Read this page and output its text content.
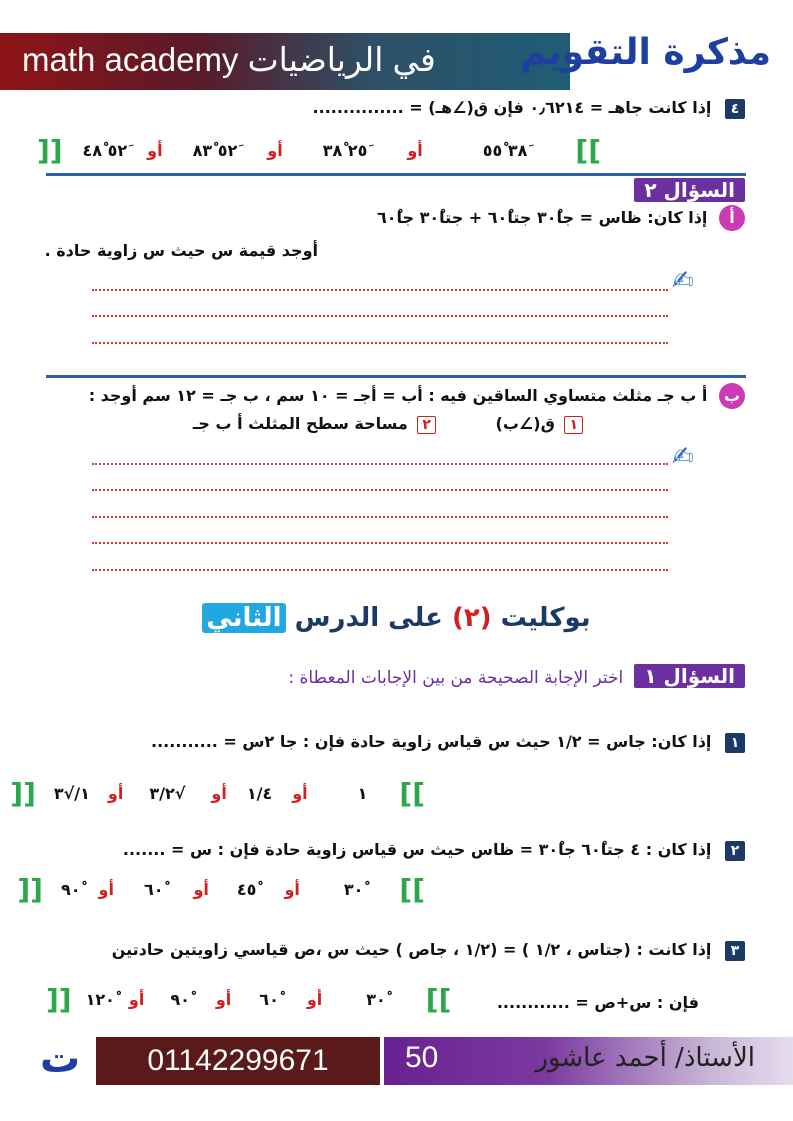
math academy في الرياضيات مذكرة التقويم
٤ إذا كانت جاهـ = ٠٫٦٢١٤ فإن ق(∠هـ) = ...............
]]
٣٨َ ٥٥ْ
أو
٢٥َ ٣٨ْ
أو
٥٢َ ٨٣ْ
أو
٥٢َ ٤٨ْ
[[
السؤال ٢
أ إذا كان: ظاس = جا٣٠ْ جتا٦٠ْ + جتا٣٠ْ جا٦٠ْ
أوجد قيمة س حيث س زاوية حادة .
✍
ب أ ب جـ مثلث متساوي الساقين فيه : أب = أجـ = ١٠ سم ، ب جـ = ١٢ سم أوجد :
١ ق(∠ب) ٢ مساحة سطح المثلث أ ب جـ
✍
بوكليت (٢) على الدرس الثاني
السؤال ١ اختر الإجابة الصحيحة من بين الإجابات المعطاة :
١ إذا كان: جاس = ١/٢ حيث س قياس زاوية حادة فإن : جا ٢س = ...........
]]
١
أو
١/٤
أو
√٣/٢
أو
١/√٣
[[
٢ إذا كان : ٤ جتا٦٠ْ جا٣٠ْ = ظاس حيث س قياس زاوية حادة فإن : س = .......
]]
٣٠ْ
أو
٤٥ْ
أو
٦٠ْ
أو
٩٠ْ
[[
٣ إذا كانت : (جتاس ، ١/٢ ) = (١/٢ ، جاص ) حيث س ،ص قياسي زاويتين حادتين
فإن : س+ص = ............
]]
٣٠ْ
أو
٦٠ْ
أو
٩٠ْ
أو
١٢٠ْ
[[
ت	01142299671	50	الأستاذ/ أحمد عاشور
